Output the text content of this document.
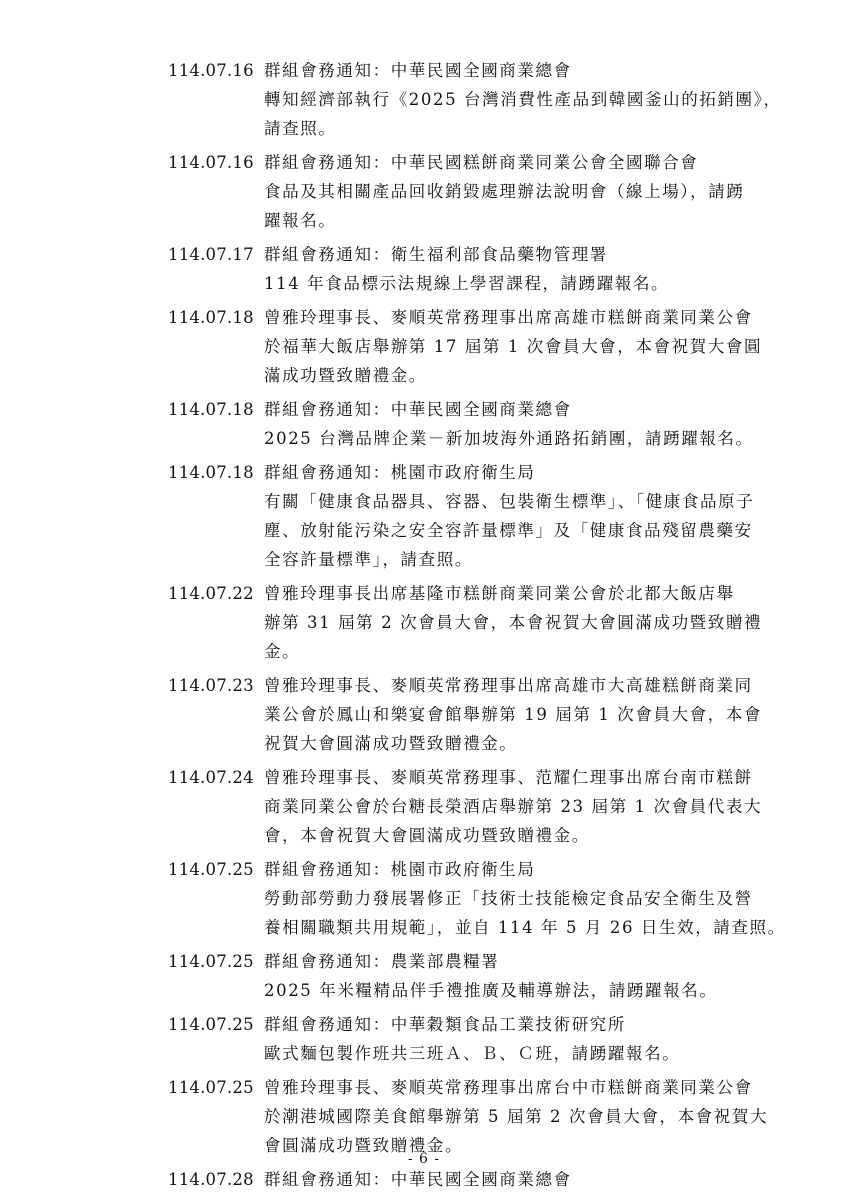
114.07.16 群組會務通知：中華民國全國商業總會
轉知經濟部執行《2025 台灣消費性產品到韓國釜山的拓銷團》，
請查照。
114.07.16 群組會務通知：中華民國糕餅商業同業公會全國聯合會
食品及其相關產品回收銷毀處理辦法說明會（線上場），請踴
躍報名。
114.07.17 群組會務通知：衛生福利部食品藥物管理署
114 年食品標示法規線上學習課程，請踴躍報名。
114.07.18 曾雅玲理事長、麥順英常務理事出席高雄市糕餅商業同業公會
於福華大飯店舉辦第 17 屆第 1 次會員大會，本會祝賀大會圓
滿成功暨致贈禮金。
114.07.18 群組會務通知：中華民國全國商業總會
2025 台灣品牌企業－新加坡海外通路拓銷團，請踴躍報名。
114.07.18 群組會務通知：桃園市政府衛生局
有關「健康食品器具、容器、包裝衛生標準」、「健康食品原子
塵、放射能污染之安全容許量標準」及「健康食品殘留農藥安
全容許量標準」，請查照。
114.07.22 曾雅玲理事長出席基隆市糕餅商業同業公會於北都大飯店舉
辦第 31 屆第 2 次會員大會，本會祝賀大會圓滿成功暨致贈禮
金。
114.07.23 曾雅玲理事長、麥順英常務理事出席高雄市大高雄糕餅商業同
業公會於鳳山和樂宴會館舉辦第 19 屆第 1 次會員大會，本會
祝賀大會圓滿成功暨致贈禮金。
114.07.24 曾雅玲理事長、麥順英常務理事、范耀仁理事出席台南市糕餅
商業同業公會於台糖長榮酒店舉辦第 23 屆第 1 次會員代表大
會，本會祝賀大會圓滿成功暨致贈禮金。
114.07.25 群組會務通知：桃園市政府衛生局
勞動部勞動力發展署修正「技術士技能檢定食品安全衛生及營
養相關職類共用規範」，並自 114 年 5 月 26 日生效，請查照。
114.07.25 群組會務通知：農業部農糧署
2025 年米糧精品伴手禮推廣及輔導辦法，請踴躍報名。
114.07.25 群組會務通知：中華穀類食品工業技術研究所
歐式麵包製作班共三班Ａ、Ｂ、Ｃ班，請踴躍報名。
114.07.25 曾雅玲理事長、麥順英常務理事出席台中市糕餅商業同業公會
於潮港城國際美食館舉辦第 5 屆第 2 次會員大會，本會祝賀大
會圓滿成功暨致贈禮金。
114.07.28 群組會務通知：中華民國全國商業總會
- 6 -
